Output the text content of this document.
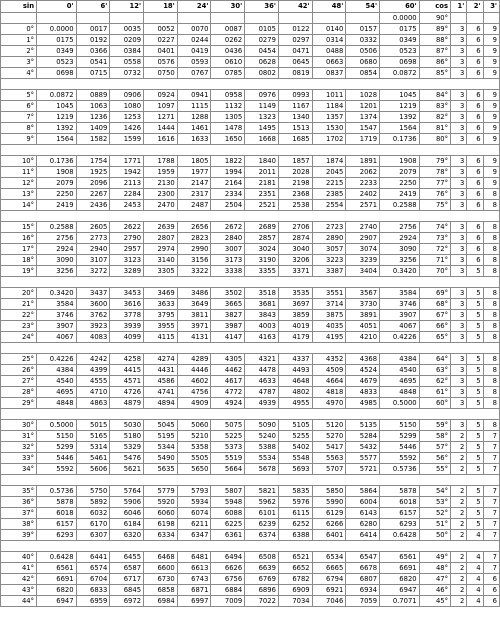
sin	0'	6'	12'	18'	24'	30'	36'	42'	48'	54'	60'	cos	1'	2'	3'
											0.0000	90°			
0°	0.0000	0017	0035	0052	0070	0087	0105	0122	0140	0157	0175	89°	3	6	9
1°	0175	0192	0209	0227	0244	0262	0279	0297	0314	0332	0349	88°	3	6	9
2°	0349	0366	0384	0401	0419	0436	0454	0471	0488	0506	0523	87°	3	6	9
3°	0523	0541	0558	0576	0593	0610	0628	0645	0663	0680	0698	86°	3	6	9
4°	0698	0715	0732	0750	0767	0785	0802	0819	0837	0854	0.0872	85°	3	6	9

5°	0.0872	0889	0906	0924	0941	0958	0976	0993	1011	1028	1045	84°	3	6	9
6°	1045	1063	1080	1097	1115	1132	1149	1167	1184	1201	1219	83°	3	6	9
7°	1219	1236	1253	1271	1288	1305	1323	1340	1357	1374	1392	82°	3	6	9
8°	1392	1409	1426	1444	1461	1478	1495	1513	1530	1547	1564	81°	3	6	9
9°	1564	1582	1599	1616	1633	1650	1668	1685	1702	1719	0.1736	80°	3	6	9

10°	0.1736	1754	1771	1788	1805	1822	1840	1857	1874	1891	1908	79°	3	6	9
11°	1908	1925	1942	1959	1977	1994	2011	2028	2045	2062	2079	78°	3	6	9
12°	2079	2096	2113	2130	2147	2164	2181	2198	2215	2233	2250	77°	3	6	9
13°	2250	2267	2284	2300	2317	2334	2351	2368	2385	2402	2419	76°	3	6	8
14°	2419	2436	2453	2470	2487	2504	2521	2538	2554	2571	0.2588	75°	3	6	8

15°	0.2588	2605	2622	2639	2656	2672	2689	2706	2723	2740	2756	74°	3	6	8
16°	2756	2773	2790	2807	2823	2840	2857	2874	2890	2907	2924	73°	3	6	8
17°	2924	2940	2957	2974	2990	3007	3024	3040	3057	3074	3090	72°	3	6	8
18°	3090	3107	3123	3140	3156	3173	3190	3206	3223	3239	3256	71°	3	6	8
19°	3256	3272	3289	3305	3322	3338	3355	3371	3387	3404	0.3420	70°	3	5	8

20°	0.3420	3437	3453	3469	3486	3502	3518	3535	3551	3567	3584	69°	3	5	8
21°	3584	3600	3616	3633	3649	3665	3681	3697	3714	3730	3746	68°	3	5	8
22°	3746	3762	3778	3795	3811	3827	3843	3859	3875	3891	3907	67°	3	5	8
23°	3907	3923	3939	3955	3971	3987	4003	4019	4035	4051	4067	66°	3	5	8
24°	4067	4083	4099	4115	4131	4147	4163	4179	4195	4210	0.4226	65°	3	5	8

25°	0.4226	4242	4258	4274	4289	4305	4321	4337	4352	4368	4384	64°	3	5	8
26°	4384	4399	4415	4431	4446	4462	4478	4493	4509	4524	4540	63°	3	5	8
27°	4540	4555	4571	4586	4602	4617	4633	4648	4664	4679	4695	62°	3	5	8
28°	4695	4710	4726	4741	4756	4772	4787	4802	4818	4833	4848	61°	3	5	8
29°	4848	4863	4879	4894	4909	4924	4939	4955	4970	4985	0.5000	60°	3	5	8

30°	0.5000	5015	5030	5045	5060	5075	5090	5105	5120	5135	5150	59°	3	5	8
31°	5150	5165	5180	5195	5210	5225	5240	5255	5270	5284	5299	58°	2	5	7
32°	5299	5314	5329	5344	5358	5373	5388	5402	5417	5432	5446	57°	2	5	7
33°	5446	5461	5476	5490	5505	5519	5534	5548	5563	5577	5592	56°	2	5	7
34°	5592	5606	5621	5635	5650	5664	5678	5693	5707	5721	0.5736	55°	2	5	7

35°	0.5736	5750	5764	5779	5793	5807	5821	5835	5850	5864	5878	54°	2	5	7
36°	5878	5892	5906	5920	5934	5948	5962	5976	5990	6004	6018	53°	2	5	7
37°	6018	6032	6046	6060	6074	6088	6101	6115	6129	6143	6157	52°	2	5	7
38°	6157	6170	6184	6198	6211	6225	6239	6252	6266	6280	6293	51°	2	5	7
39°	6293	6307	6320	6334	6347	6361	6374	6388	6401	6414	0.6428	50°	2	4	7

40°	0.6428	6441	6455	6468	6481	6494	6508	6521	6534	6547	6561	49°	2	4	7
41°	6561	6574	6587	6600	6613	6626	6639	6652	6665	6678	6691	48°	2	4	7
42°	6691	6704	6717	6730	6743	6756	6769	6782	6794	6807	6820	47°	2	4	6
43°	6820	6833	6845	6858	6871	6884	6896	6909	6921	6934	6947	46°	2	4	6
44°	6947	6959	6972	6984	6997	7009	7022	7034	7046	7059	0.7071	45°	2	4	6
